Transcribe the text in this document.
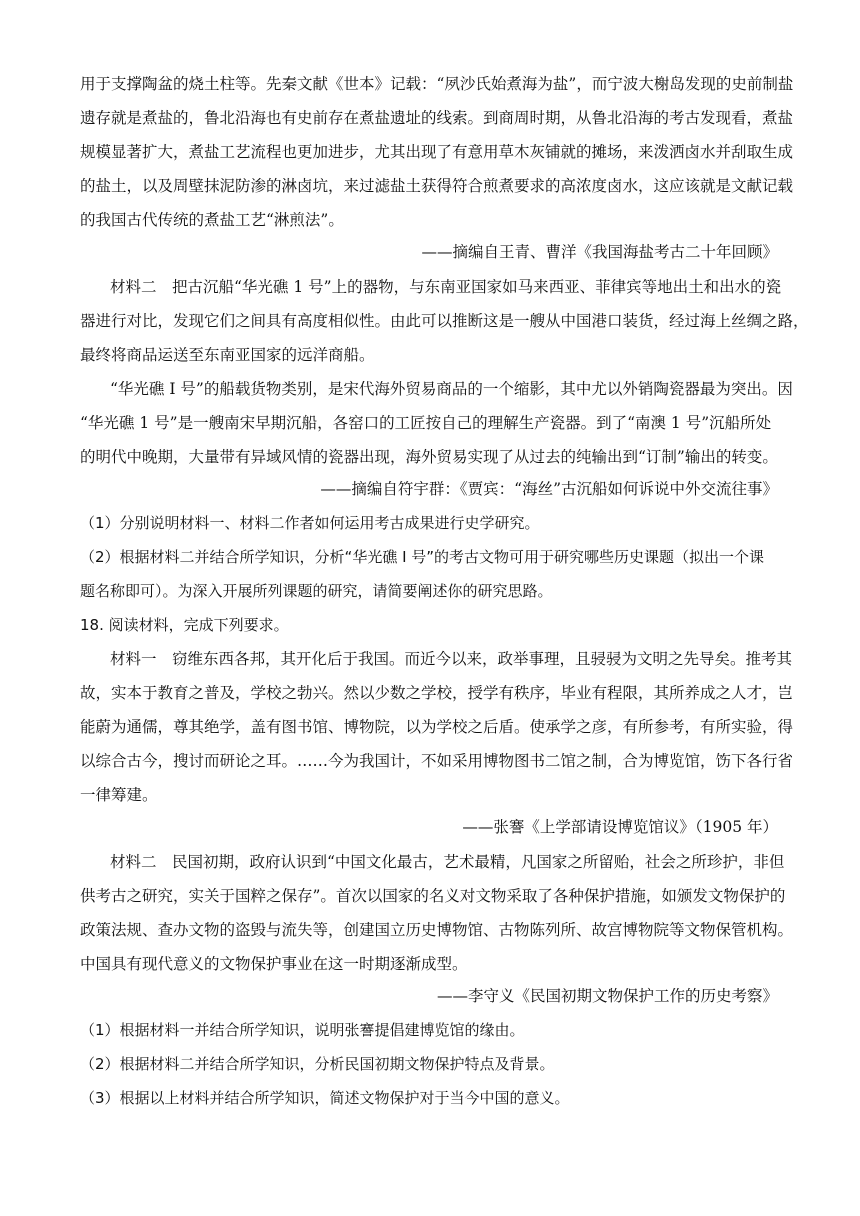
用于支撑陶盆的烧土柱等。先秦文献《世本》记载：“夙沙氏始煮海为盐”，而宁波大榭岛发现的史前制盐
遗存就是煮盐的，鲁北沿海也有史前存在煮盐遗址的线索。到商周时期，从鲁北沿海的考古发现看，煮盐
规模显著扩大，煮盐工艺流程也更加进步，尤其出现了有意用草木灰铺就的摊场，来泼洒卤水并刮取生成
的盐土，以及周壁抹泥防渗的淋卤坑，来过滤盐土获得符合煎煮要求的高浓度卤水，这应该就是文献记载
的我国古代传统的煮盐工艺“淋煎法”。
——摘编自王青、曹洋《我国海盐考古二十年回顾》
材料二　把古沉船“华光礁 1 号”上的器物，与东南亚国家如马来西亚、菲律宾等地出土和出水的瓷
器进行对比，发现它们之间具有高度相似性。由此可以推断这是一艘从中国港口装货，经过海上丝绸之路，
最终将商品运送至东南亚国家的远洋商船。
“华光礁 I 号”的船载货物类别，是宋代海外贸易商品的一个缩影，其中尤以外销陶瓷器最为突出。因
“华光礁 1 号”是一艘南宋早期沉船，各窑口的工匠按自己的理解生产瓷器。到了“南澳 1 号”沉船所处
的明代中晚期，大量带有异域风情的瓷器出现，海外贸易实现了从过去的纯输出到“订制”输出的转变。
——摘编自符宇群：《贾宾：“海丝”古沉船如何诉说中外交流往事》
（1）分别说明材料一、材料二作者如何运用考古成果进行史学研究。
（2）根据材料二并结合所学知识，分析“华光礁 I 号”的考古文物可用于研究哪些历史课题（拟出一个课
题名称即可）。为深入开展所列课题的研究，请简要阐述你的研究思路。
18. 阅读材料，完成下列要求。
材料一　窃维东西各邦，其开化后于我国。而近今以来，政举事理，且骎骎为文明之先导矣。推考其
故，实本于教育之普及，学校之勃兴。然以少数之学校，授学有秩序，毕业有程限，其所养成之人才，岂
能蔚为通儒，尊其绝学，盖有图书馆、博物院，以为学校之后盾。使承学之彦，有所参考，有所实验，得
以综合古今，搜讨而研论之耳。……今为我国计，不如采用博物图书二馆之制，合为博览馆，饬下各行省
一律筹建。
——张謇《上学部请设博览馆议》（1905 年）
材料二　民国初期，政府认识到“中国文化最古，艺术最精，凡国家之所留贻，社会之所珍护，非但
供考古之研究，实关于国粹之保存”。首次以国家的名义对文物采取了各种保护措施，如颁发文物保护的
政策法规、查办文物的盗毁与流失等，创建国立历史博物馆、古物陈列所、故宫博物院等文物保管机构。
中国具有现代意义的文物保护事业在这一时期逐渐成型。
——李守义《民国初期文物保护工作的历史考察》
（1）根据材料一并结合所学知识，说明张謇提倡建博览馆的缘由。
（2）根据材料二并结合所学知识，分析民国初期文物保护特点及背景。
（3）根据以上材料并结合所学知识，简述文物保护对于当今中国的意义。
